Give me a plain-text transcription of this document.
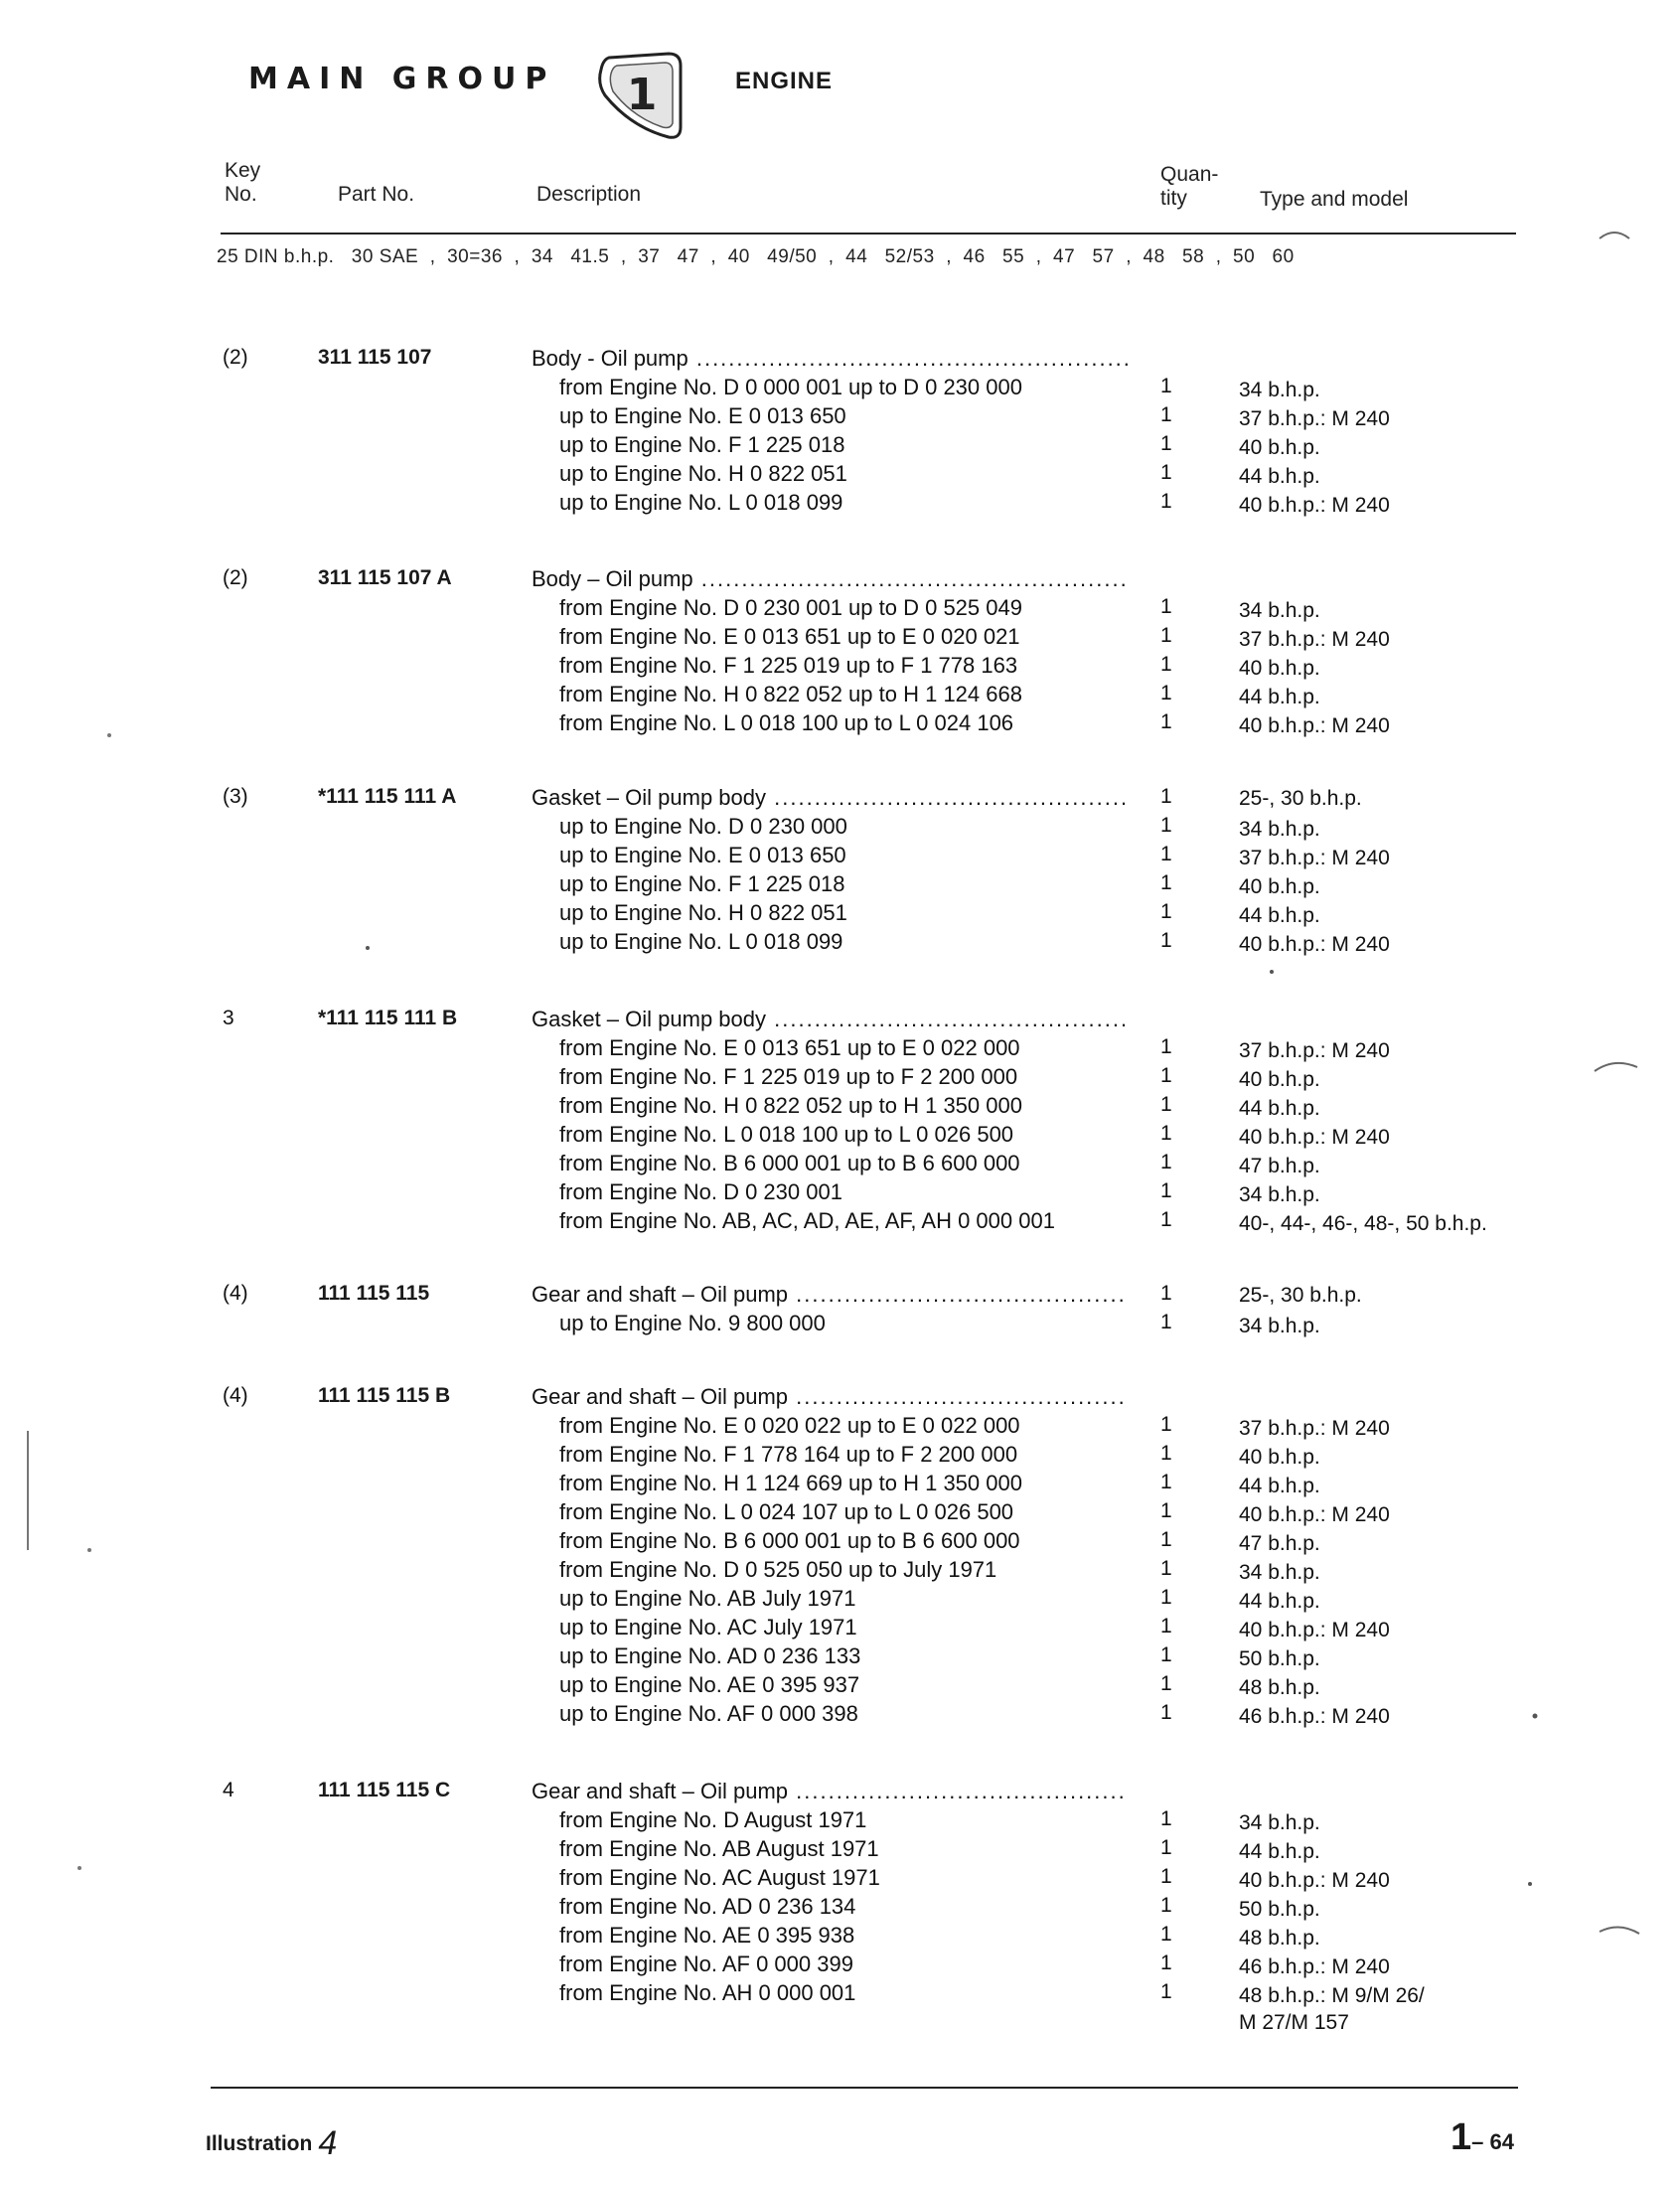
MAIN GROUP 1	ENGINE
Key
No.	Part No.	Description
Quan-
tity	Type and model
25 DIN b.h.p.   30 SAE  ,  30=36  ,  34   41.5  ,  37   47  ,  40   49/50  ,  44   52/53  ,  46   55  ,  47   57  ,  48   58  ,  50   60
(2)	311 115 107	Body - Oil pump .....
from Engine No. D 0 000 001 up to D 0 230 000	1	34 b.h.p.
up to Engine No. E 0 013 650	1	37 b.h.p.: M 240
up to Engine No. F 1 225 018	1	40 b.h.p.
up to Engine No. H 0 822 051	1	44 b.h.p.
up to Engine No. L 0 018 099	1	40 b.h.p.: M 240
(2)	311 115 107 A	Body – Oil pump .....
from Engine No. D 0 230 001 up to D 0 525 049	1	34 b.h.p.
from Engine No. E 0 013 651 up to E 0 020 021	1	37 b.h.p.: M 240
from Engine No. F 1 225 019 up to F 1 778 163	1	40 b.h.p.
from Engine No. H 0 822 052 up to H 1 124 668	1	44 b.h.p.
from Engine No. L 0 018 100 up to L 0 024 106	1	40 b.h.p.: M 240
(3)	*111 115 111 A	Gasket – Oil pump body .....	1	25-, 30 b.h.p.
up to Engine No. D 0 230 000	1	34 b.h.p.
up to Engine No. E 0 013 650	1	37 b.h.p.: M 240
up to Engine No. F 1 225 018	1	40 b.h.p.
up to Engine No. H 0 822 051	1	44 b.h.p.
up to Engine No. L 0 018 099	1	40 b.h.p.: M 240
3	*111 115 111 B	Gasket – Oil pump body .....
from Engine No. E 0 013 651 up to E 0 022 000	1	37 b.h.p.: M 240
from Engine No. F 1 225 019 up to F 2 200 000	1	40 b.h.p.
from Engine No. H 0 822 052 up to H 1 350 000	1	44 b.h.p.
from Engine No. L 0 018 100 up to L 0 026 500	1	40 b.h.p.: M 240
from Engine No. B 6 000 001 up to B 6 600 000	1	47 b.h.p.
from Engine No. D 0 230 001	1	34 b.h.p.
from Engine No. AB, AC, AD, AE, AF, AH 0 000 001	1	40-, 44-, 46-, 48-, 50 b.h.p.
(4)	111 115 115	Gear and shaft – Oil pump .....	1	25-, 30 b.h.p.
up to Engine No. 9 800 000	1	34 b.h.p.
(4)	111 115 115 B	Gear and shaft – Oil pump .....
from Engine No. E 0 020 022 up to E 0 022 000	1	37 b.h.p.: M 240
from Engine No. F 1 778 164 up to F 2 200 000	1	40 b.h.p.
from Engine No. H 1 124 669 up to H 1 350 000	1	44 b.h.p.
from Engine No. L 0 024 107 up to L 0 026 500	1	40 b.h.p.: M 240
from Engine No. B 6 000 001 up to B 6 600 000	1	47 b.h.p.
from Engine No. D 0 525 050 up to July 1971	1	34 b.h.p.
up to Engine No. AB July 1971	1	44 b.h.p.
up to Engine No. AC July 1971	1	40 b.h.p.: M 240
up to Engine No. AD 0 236 133	1	50 b.h.p.
up to Engine No. AE 0 395 937	1	48 b.h.p.
up to Engine No. AF 0 000 398	1	46 b.h.p.: M 240
4	111 115 115 C	Gear and shaft – Oil pump .....
from Engine No. D August 1971	1	34 b.h.p.
from Engine No. AB August 1971	1	44 b.h.p.
from Engine No. AC August 1971	1	40 b.h.p.: M 240
from Engine No. AD 0 236 134	1	50 b.h.p.
from Engine No. AE 0 395 938	1	48 b.h.p.
from Engine No. AF 0 000 399	1	46 b.h.p.: M 240
from Engine No. AH 0 000 001	1	48 b.h.p.: M 9/M 26/
M 27/M 157
Illustration 4	1– 64
